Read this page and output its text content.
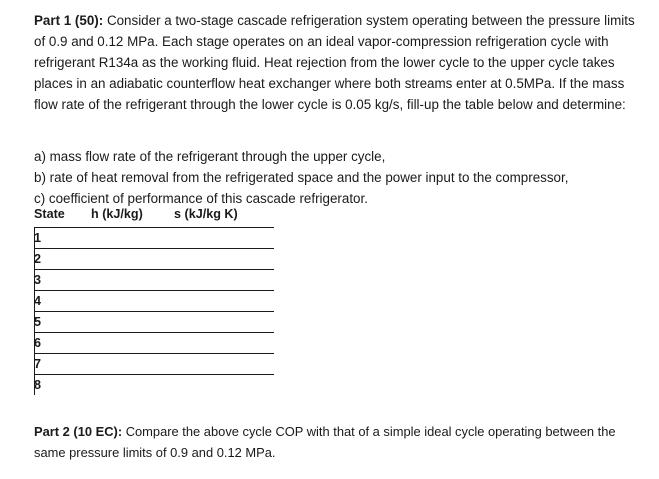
Part 1 (50): Consider a two-stage cascade refrigeration system operating between the pressure limits of 0.9 and 0.12 MPa. Each stage operates on an ideal vapor-compression refrigeration cycle with refrigerant R134a as the working fluid. Heat rejection from the lower cycle to the upper cycle takes places in an adiabatic counterflow heat exchanger where both streams enter at 0.5MPa. If the mass flow rate of the refrigerant through the lower cycle is 0.05 kg/s, fill-up the table below and determine:

a) mass flow rate of the refrigerant through the upper cycle,
b) rate of heat removal from the refrigerated space and the power input to the compressor,
c) coefficient of performance of this cascade refrigerator.
State h (kJ/kg) s (kJ/kg K)
1
2
3
4
5
6
7
8

Part 2 (10 EC): Compare the above cycle COP with that of a simple ideal cycle operating between the same pressure limits of 0.9 and 0.12 MPa.
